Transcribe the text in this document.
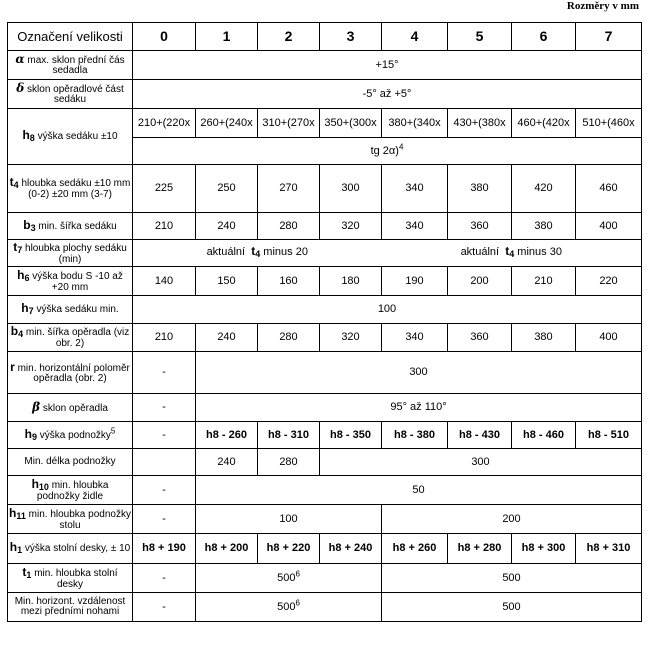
Rozměry v mm
Označení velikosti	0	1	2	3	4	5	6	7
α max. sklon přední čás sedadla	+15°							
δ sklon opěradlové část sedáku	-5° až +5°							
h8 výška sedáku ±10	210+(220x	260+(240x	310+(270x	350+(300x	380+(340x	430+(380x	460+(420x	510+(460x
	tg 2α)$^4$
t4 hloubka sedáku ±10 mm (0-2) ±20 mm (3-7)	225	250	270	300	340	380	420	460
b3 min. šířka sedáku	210	240	280	320	340	360	380	400
t7 hloubka plochy sedáku (min)	aktuální $t_4$ minus 20				aktuální $t_4$ minus 30			
h6 výška bodu S -10 až +20 mm	140	150	160	180	190	200	210	220
h7 výška sedáku min.	100							
b4 min. šířka opěradla (viz obr. 2)	210	240	280	320	340	360	380	400
r min. horizontální poloměr opěradla (obr. 2)	-	300						
β sklon opěradla	-	95° až 110°						
h9 výška podnožky$^5$	-	h8 - 260	h8 - 310	h8 - 350	h8 - 380	h8 - 430	h8 - 460	h8 - 510
Min. délka podnožky		240	280	300				
h10 min. hloubka podnožky židle	-	50						
h11 min. hloubka podnožky stolu	-	100			200			
h1 výška stolní desky, ± 10	h8 + 190	h8 + 200	h8 + 220	h8 + 240	h8 + 260	h8 + 280	h8 + 300	h8 + 310
t1 min. hloubka stolní desky	-	$500^6$			500			
Min. horizont. vzdálenost mezi předními nohami	-	$500^6$			500			
